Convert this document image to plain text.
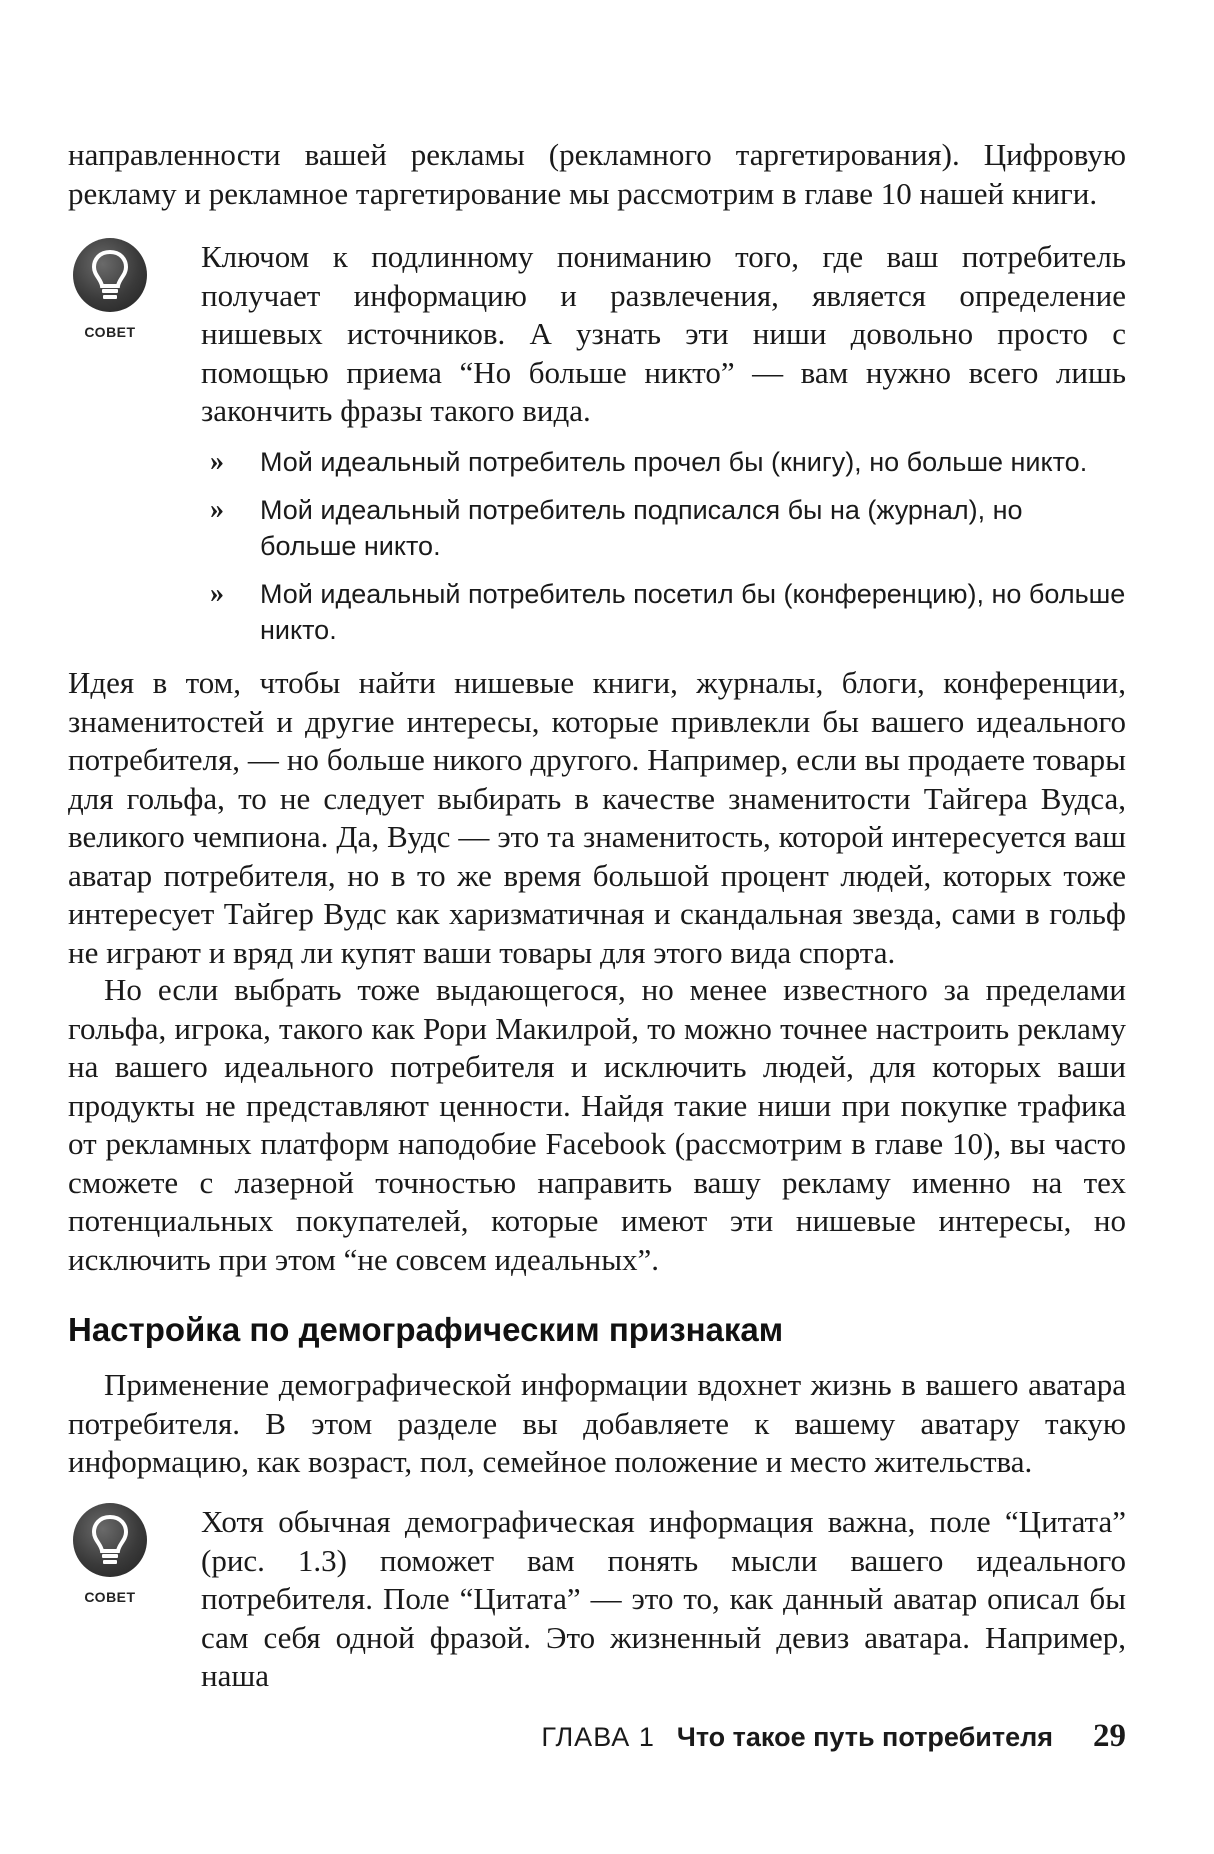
направленности вашей рекламы (рекламного таргетирования). Цифровую рекламу и рекламное таргетирование мы рассмотрим в главе 10 нашей книги.

СОВЕТ

Ключом к подлинному пониманию того, где ваш потребитель получает информацию и развлечения, является определение нишевых источников. А узнать эти ниши довольно просто с помощью приема “Но больше никто” — вам нужно всего лишь закончить фразы такого вида.

» Мой идеальный потребитель прочел бы (книгу), но больше никто.
» Мой идеальный потребитель подписался бы на (журнал), но больше никто.
» Мой идеальный потребитель посетил бы (конференцию), но больше никто.

Идея в том, чтобы найти нишевые книги, журналы, блоги, конференции, знаменитостей и другие интересы, которые привлекли бы вашего идеального потребителя, — но больше никого другого. Например, если вы продаете товары для гольфа, то не следует выбирать в качестве знаменитости Тайгера Вудса, великого чемпиона. Да, Вудс — это та знаменитость, которой интересуется ваш аватар потребителя, но в то же время большой процент людей, которых тоже интересует Тайгер Вудс как харизматичная и скандальная звезда, сами в гольф не играют и вряд ли купят ваши товары для этого вида спорта.

Но если выбрать тоже выдающегося, но менее известного за пределами гольфа, игрока, такого как Рори Макилрой, то можно точнее настроить рекламу на вашего идеального потребителя и исключить людей, для которых ваши продукты не представляют ценности. Найдя такие ниши при покупке трафика от рекламных платформ наподобие Facebook (рассмотрим в главе 10), вы часто сможете с лазерной точностью направить вашу рекламу именно на тех потенциальных покупателей, которые имеют эти нишевые интересы, но исключить при этом “не совсем идеальных”.

Настройка по демографическим признакам

Применение демографической информации вдохнет жизнь в вашего аватара потребителя. В этом разделе вы добавляете к вашему аватару такую информацию, как возраст, пол, семейное положение и место жительства.

СОВЕТ

Хотя обычная демографическая информация важна, поле “Цитата” (рис. 1.3) поможет вам понять мысли вашего идеального потребителя. Поле “Цитата” — это то, как данный аватар описал бы сам себя одной фразой. Это жизненный девиз аватара. Например, наша

ГЛАВА 1 Что такое путь потребителя 29
